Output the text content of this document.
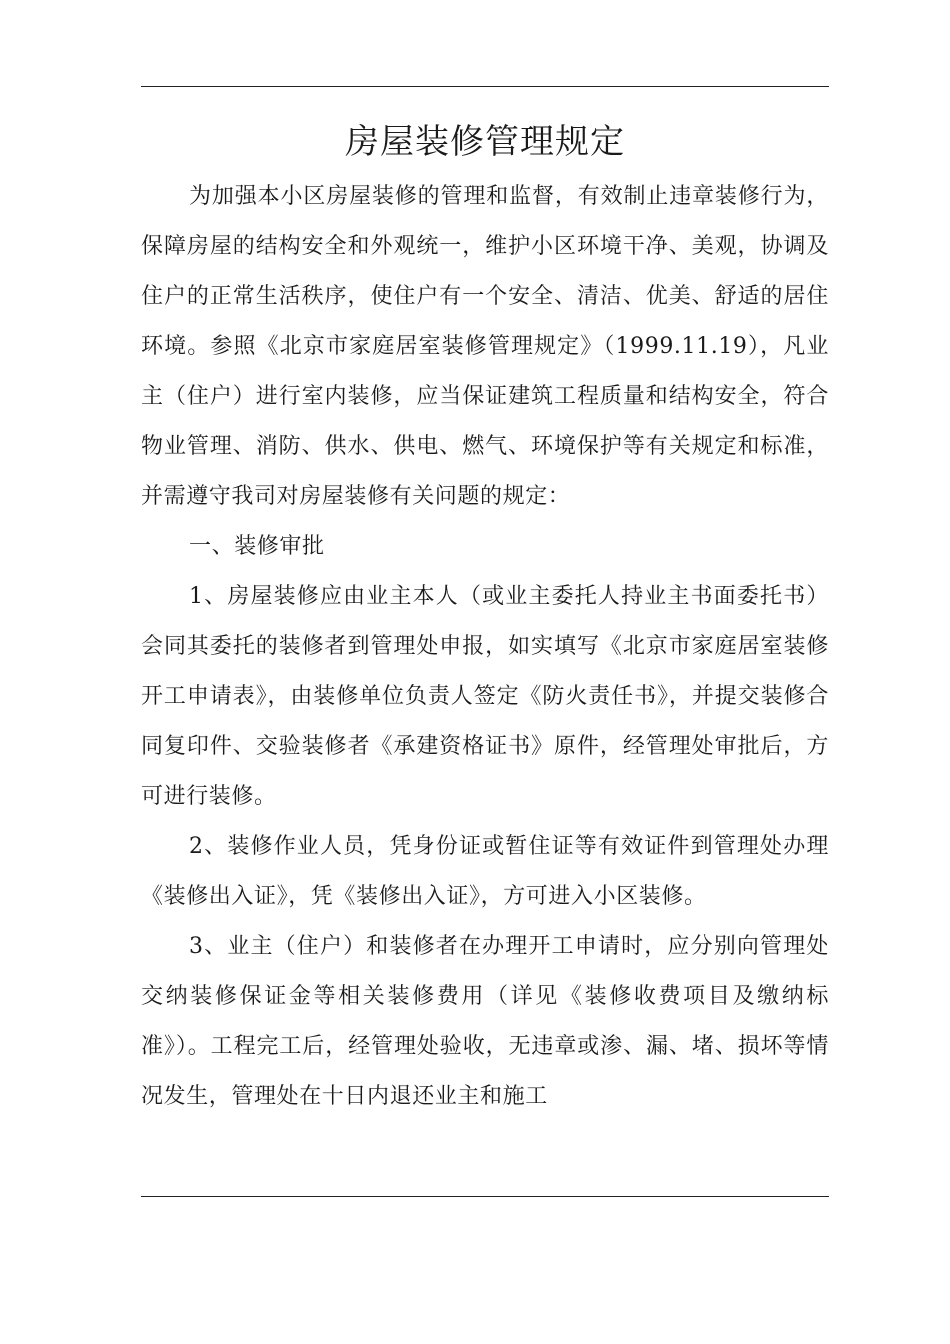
房屋装修管理规定

为加强本小区房屋装修的管理和监督，有效制止违章装修行为，保障房屋的结构安全和外观统一，维护小区环境干净、美观，协调及住户的正常生活秩序，使住户有一个安全、清洁、优美、舒适的居住环境。参照《北京市家庭居室装修管理规定》（1999.11.19），凡业主（住户）进行室内装修，应当保证建筑工程质量和结构安全，符合物业管理、消防、供水、供电、燃气、环境保护等有关规定和标准，并需遵守我司对房屋装修有关问题的规定：

一、装修审批

1、房屋装修应由业主本人（或业主委托人持业主书面委托书）会同其委托的装修者到管理处申报，如实填写《北京市家庭居室装修开工申请表》，由装修单位负责人签定《防火责任书》，并提交装修合同复印件、交验装修者《承建资格证书》原件，经管理处审批后，方可进行装修。

2、装修作业人员，凭身份证或暂住证等有效证件到管理处办理《装修出入证》，凭《装修出入证》，方可进入小区装修。

3、业主（住户）和装修者在办理开工申请时，应分别向管理处交纳装修保证金等相关装修费用（详见《装修收费项目及缴纳标准》）。工程完工后，经管理处验收，无违章或渗、漏、堵、损坏等情况发生，管理处在十日内退还业主和施工
